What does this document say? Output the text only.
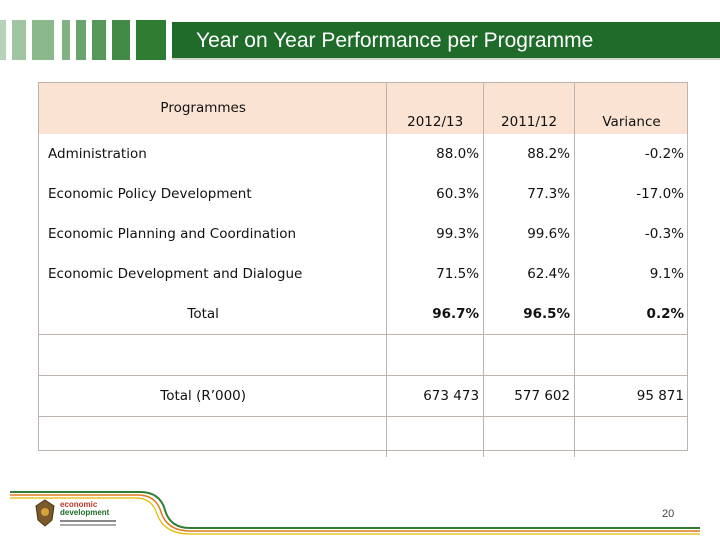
Year on Year Performance per Programme
Programmes	2012/13	2011/12	Variance
Administration	88.0%	88.2%	-0.2%
Economic Policy Development	60.3%	77.3%	-17.0%
Economic Planning and Coordination	99.3%	99.6%	-0.3%
Economic Development and Dialogue	71.5%	62.4%	9.1%
Total	96.7%	96.5%	0.2%

Total (R’000)	673 473	577 602	95 871

economic
development	20
